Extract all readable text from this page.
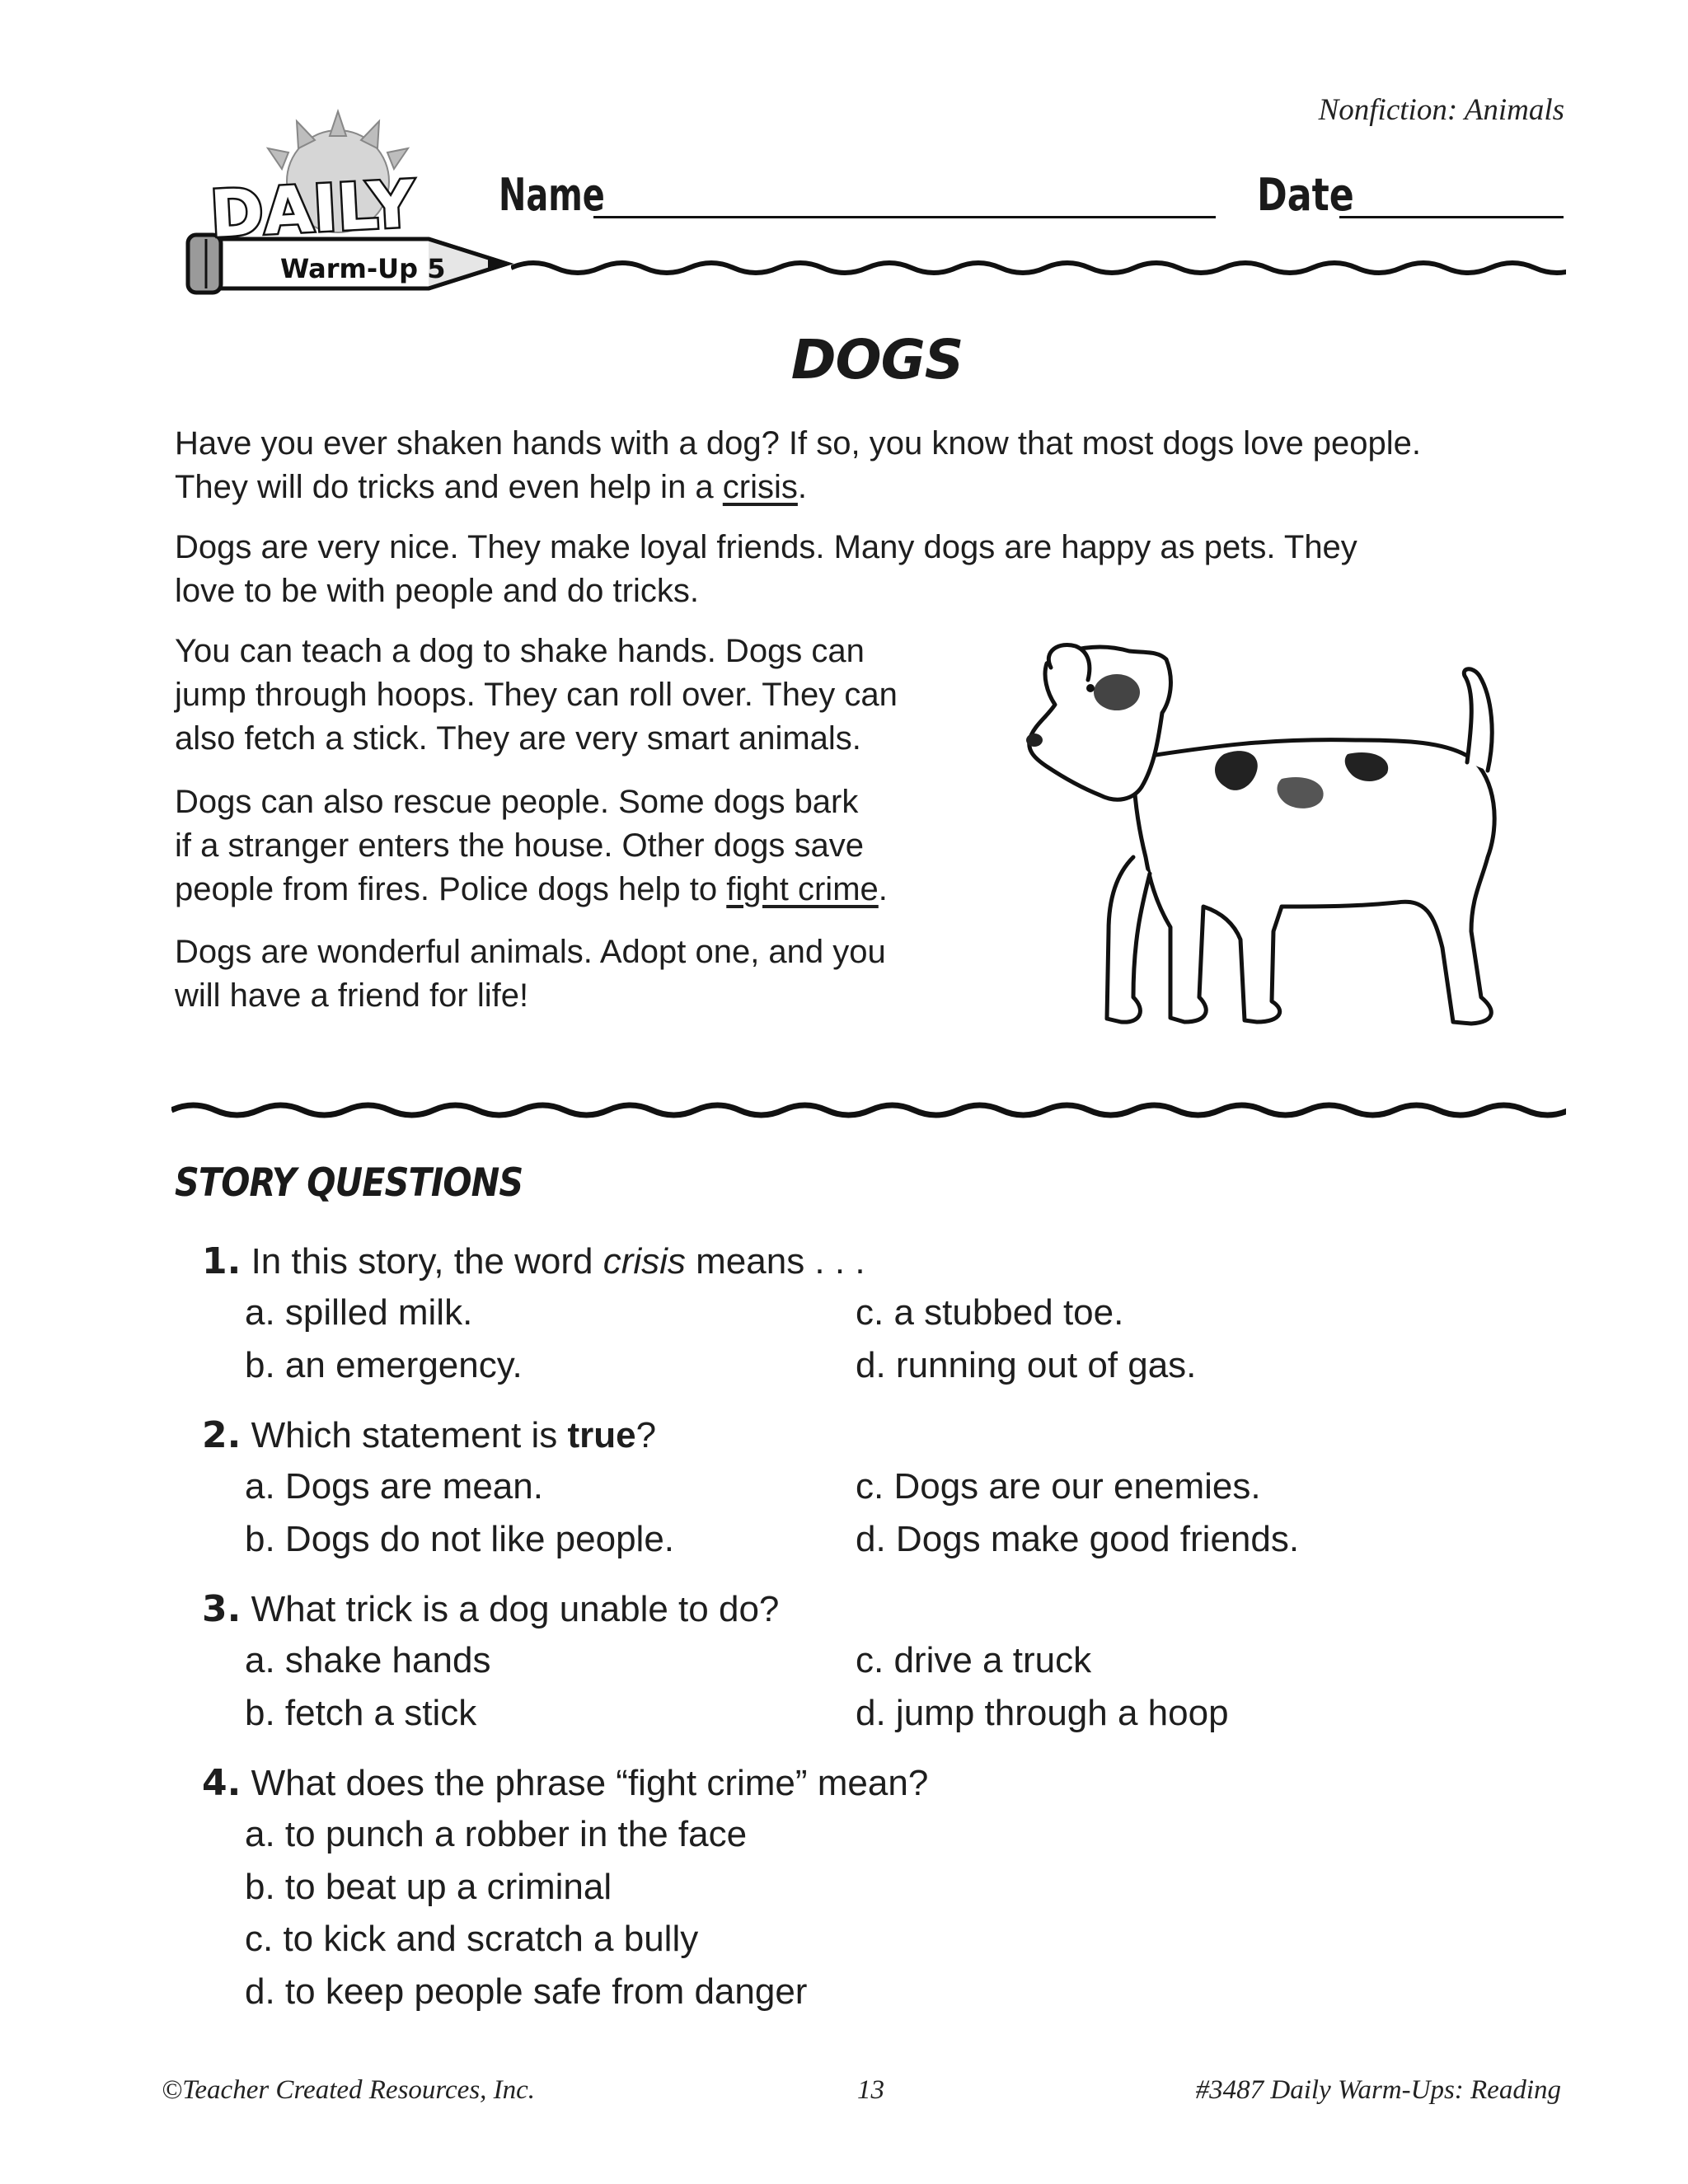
Nonfiction: Animals
DAILY
Warm-Up 5
Name	Date
DOGS
Have you ever shaken hands with a dog? If so, you know that most dogs love people.
They will do tricks and even help in a crisis.
Dogs are very nice. They make loyal friends. Many dogs are happy as pets. They
love to be with people and do tricks.
You can teach a dog to shake hands. Dogs can
jump through hoops. They can roll over. They can
also fetch a stick. They are very smart animals.
Dogs can also rescue people. Some dogs bark
if a stranger enters the house. Other dogs save
people from fires. Police dogs help to fight crime.
Dogs are wonderful animals. Adopt one, and you
will have a friend for life!
STORY QUESTIONS
1. In this story, the word crisis means . . .
a. spilled milk.
b. an emergency.
c. a stubbed toe.
d. running out of gas.
2. Which statement is true?
a. Dogs are mean.
b. Dogs do not like people.
c. Dogs are our enemies.
d. Dogs make good friends.
3. What trick is a dog unable to do?
a. shake hands
b. fetch a stick
c. drive a truck
d. jump through a hoop
4. What does the phrase “fight crime” mean?
a. to punch a robber in the face
b. to beat up a criminal
c. to kick and scratch a bully
d. to keep people safe from danger
©Teacher Created Resources, Inc.	13	#3487 Daily Warm-Ups: Reading
